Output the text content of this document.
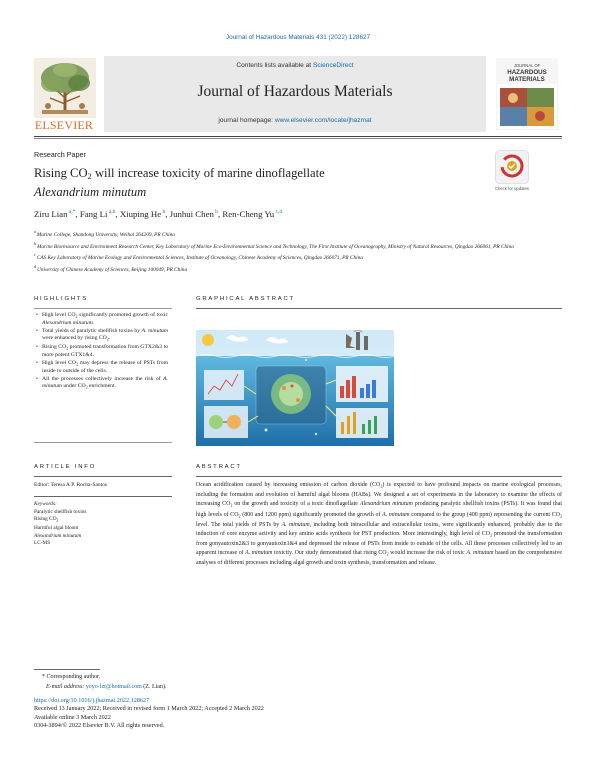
Journal of Hazardous Materials 431 (2022) 128627
ELSEVIER
Contents lists available at ScienceDirect
Journal of Hazardous Materials
journal homepage: www.elsevier.com/locate/jhazmat
JOURNAL OF
HAZARDOUS
MATERIALS
Research Paper
Rising $CO_2$ will increase toxicity of marine dinoflagellate
Alexandrium minutum	Check for updates
Ziru Lian $^{a,*}$, Fang Li $^{a,b}$, Xiuping He $^b$, Junhui Chen $^b$, Ren-Cheng Yu $^{c,d}$
$^a$ Marine College, Shandong University, Weihai 264209, PR China
$^b$ Marine Bioresource and Environment Research Center, Key Laboratory of Marine Eco-Environmental Science and Technology, The First Institute of Oceanography, Ministry of Natural Resources, Qingdao 266061, PR China
$^c$ CAS Key Laboratory of Marine Ecology and Environmental Sciences, Institute of Oceanology, Chinese Academy of Sciences, Qingdao 266071, PR China
$^d$ University of Chinese Academy of Sciences, Beijing 100049, PR China
HIGHLIGHTS
• High level $CO_2$ significantly promoted growth of toxic Alexandrium minutum.
• Total yields of paralytic shellfish toxins by A. minutum were enhanced by rising $CO_2$.
• Rising $CO_2$ promoted transformation from GTX2&3 to more potent GTX1&4.
• High level $CO_2$ may depress the release of PSTs from inside to outside of the cells.
• All the processes collectively increase the risk of A. minutum under $CO_2$ enrichment.
GRAPHICAL ABSTRACT
ARTICLE INFO
Editor: Teresa A.P. Rocha-Santos
Keywords:
Paralytic shellfish toxins
Rising $CO_2$
Harmful algal bloom
Alexandrium minutum
LC-MS
ABSTRACT
Ocean acidification caused by increasing emission of carbon dioxide $(CO_2)$ is expected to have profound impacts on marine ecological processes, including the formation and evolution of harmful algal blooms (HABs). We designed a set of experiments in the laboratory to examine the effects of increasing $CO_2$ on the growth and toxicity of a toxic dinoflagellate Alexandrium minutum producing paralytic shellfish toxins (PSTs). It was found that high levels of $CO_2$ (800 and 1200 ppm) significantly promoted the growth of A. minutum compared to the group (400 ppm) representing the current $CO_2$ level. The total yields of PSTs by A. minutum, including both intracellular and extracellular toxins, were significantly enhanced, probably due to the induction of core enzyme activity and key amino acids synthesis for PST production. More interestingly, high level of $CO_2$ promoted the transformation from gonyautoxin2&3 to gonyautoxin1&4 and depressed the release of PSTs from inside to outside of the cells. All these processes collectively led to an apparent increase of A. minutum toxicity. Our study demonstrated that rising $CO_2$ would increase the risk of toxic A. minutum based on the comprehensive analyses of different processes including algal growth and toxin synthesis, transformation and release.
* Corresponding author.
E-mail address: yoyo-lzr@hotmail.com (Z. Lian).
https://doi.org/10.1016/j.jhazmat.2022.128627
Received 13 January 2022; Received in revised form 1 March 2022; Accepted 2 March 2022
Available online 3 March 2022
0304-3894/© 2022 Elsevier B.V. All rights reserved.
